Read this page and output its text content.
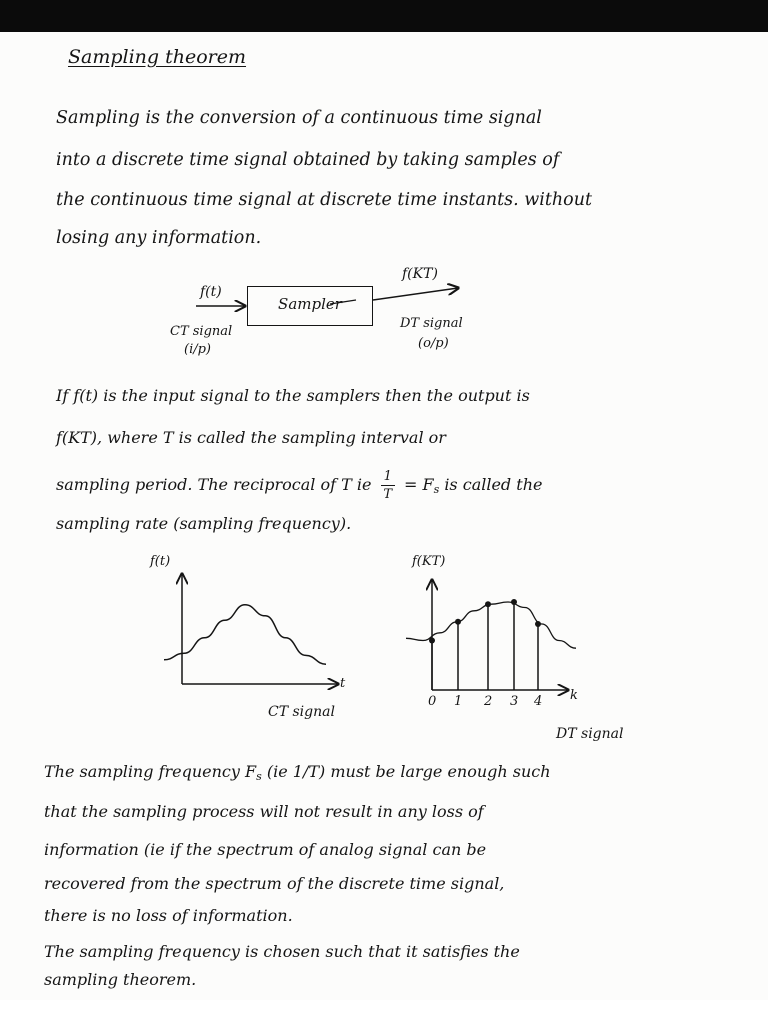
Sampling theorem
Sampling is the conversion of a continuous time signal
into a discrete time signal obtained by taking samples of
the continuous time signal at discrete time instants. without
losing any information.
Sampler
f(t)
f(KT)
CT signal
(i/p)
DT signal
(o/p)
If f(t) is the input signal to the samplers then the output is
f(KT), where T is called the sampling interval or
sampling period. The reciprocal of T ie $\frac{1}{T} = F_s$ is called the
sampling rate (sampling frequency).
f(t)
t
CT signal
f(KT)
k
0 1 2 3 4
DT signal
The sampling frequency $F_s$ (ie 1/T) must be large enough such
that the sampling process will not result in any loss of
information (ie if the spectrum of analog signal can be
recovered from the spectrum of the discrete time signal,
there is no loss of information.
The sampling frequency is chosen such that it satisfies the
sampling theorem.
